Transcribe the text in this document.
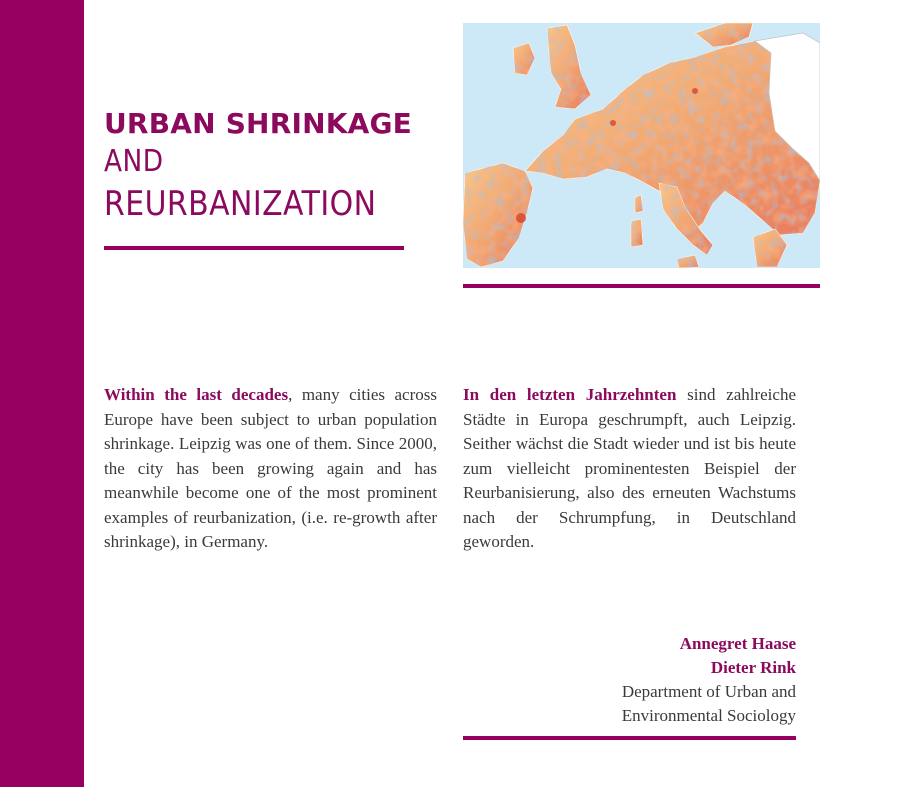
URBAN SHRINKAGE
AND
REURBANIZATION
Within the last decades, many cities across Europe have been subject to urban population shrinkage. Leipzig was one of them. Since 2000, the city has been growing again and has meanwhile become one of the most prominent examples of reurbanization, (i.e. re-growth after shrinkage), in Germany.
In den letzten Jahrzehnten sind zahlreiche Städte in Europa geschrumpft, auch Leipzig. Seither wächst die Stadt wieder und ist bis heute zum vielleicht prominentesten Beispiel der Reurbanisierung, also des erneuten Wachstums nach der Schrumpfung, in Deutschland geworden.
Annegret Haase
Dieter Rink
Department of Urban and
Environmental Sociology
